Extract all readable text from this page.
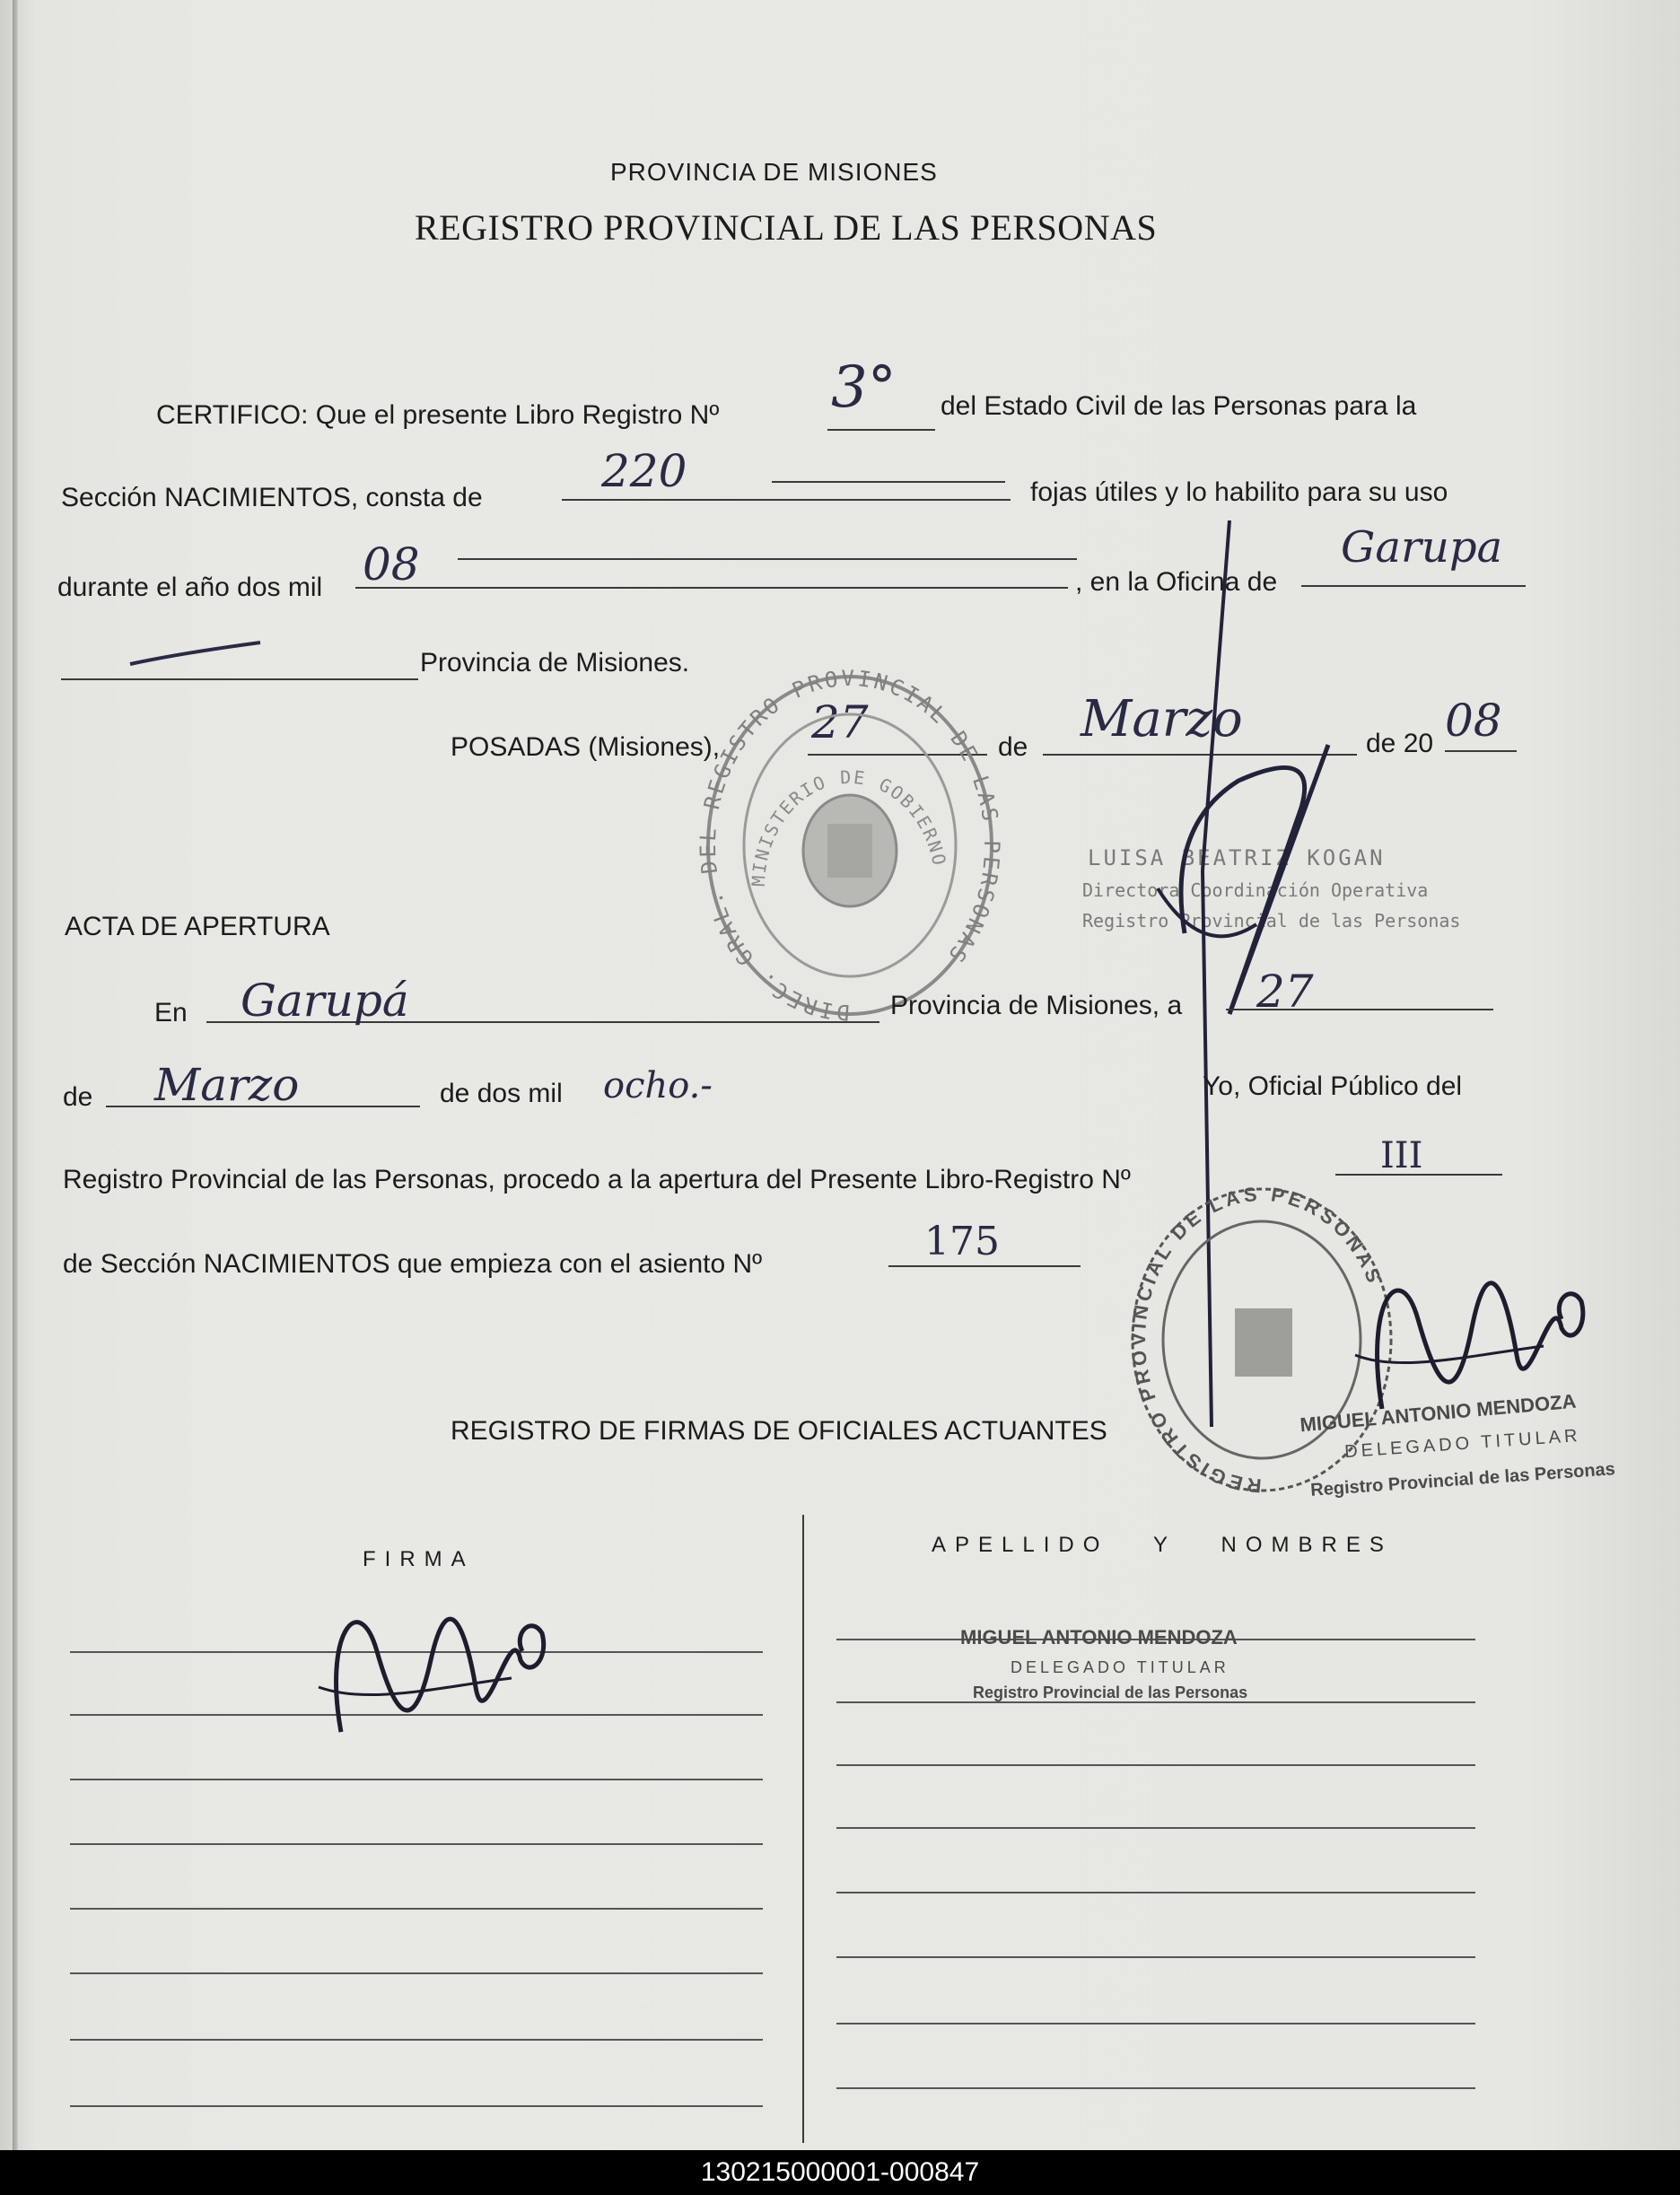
PROVINCIA DE MISIONES
REGISTRO PROVINCIAL DE LAS PERSONAS
CERTIFICO: Que el presente Libro Registro Nº 3° del Estado Civil de las Personas para la
Sección NACIMIENTOS, consta de
220	fojas útiles y lo habilito para su uso
durante el año dos mil 08	, en la Oficina de
Garupa
Provincia de Misiones.
POSADAS (Misiones), 27	de Marzo	de 20 08
DIREC. GRAL. DEL REGISTRO PROVINCIAL DE LAS PERSONAS
MINISTERIO DE GOBIERNO	LUISA BEATRIZ KOGAN
Directora Coordinación Operativa
Registro Provincial de las Personas
ACTA DE APERTURA
En Garupá	Provincia de Misiones, a 27
de Marzo	de dos mil ocho.-	Yo, Oficial Público del
Registro Provincial de las Personas, procedo a la apertura del Presente Libro-Registro Nº
III
de Sección NACIMIENTOS que empieza con el asiento Nº	175
REGISTRO PROVINCIAL DE LAS PERSONAS
MIGUEL ANTONIO MENDOZA
DELEGADO TITULAR
Registro Provincial de las Personas
REGISTRO DE FIRMAS DE OFICIALES ACTUANTES
FIRMA
APELLIDO   Y   NOMBRES
MIGUEL ANTONIO MENDOZA
DELEGADO TITULAR
Registro Provincial de las Personas
130215000001-000847
